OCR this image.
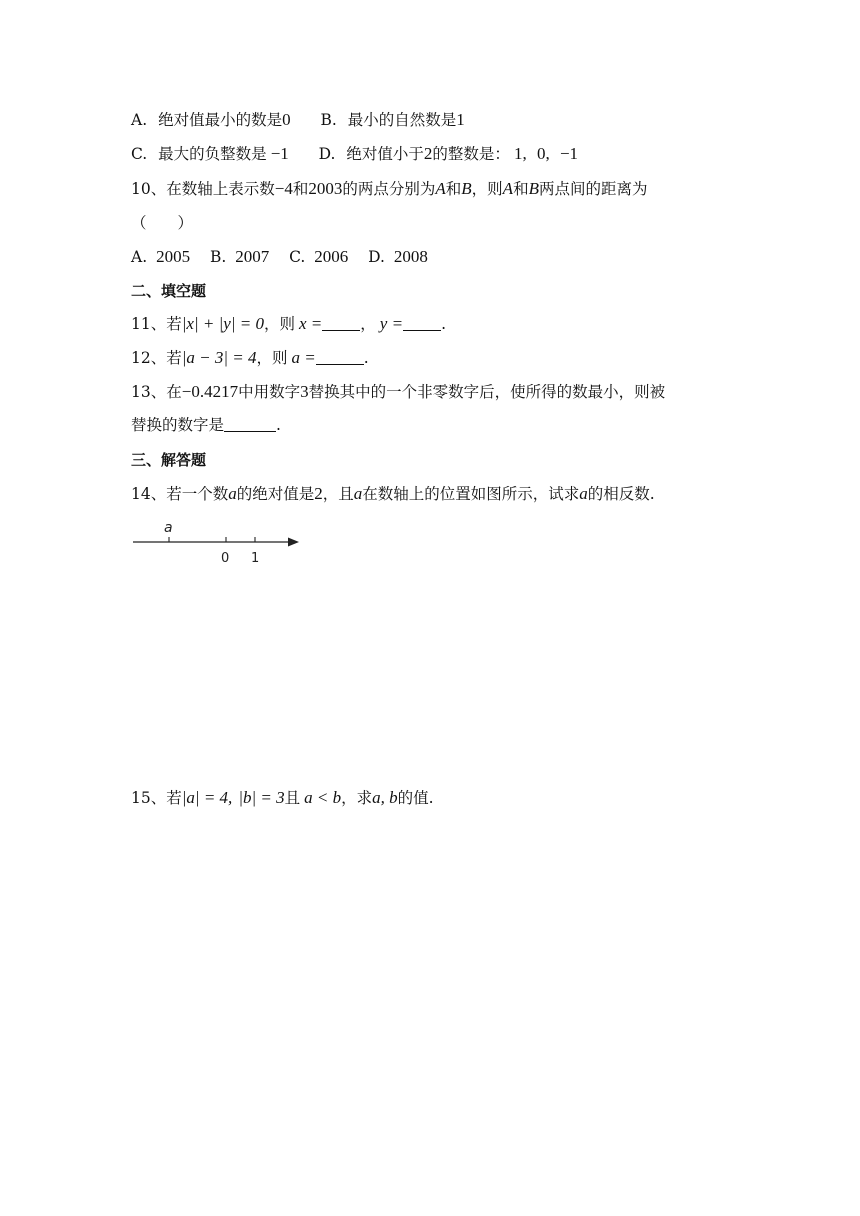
A. 绝对值最小的数是0 B. 最小的自然数是1
C. 最大的负整数是 −1 D. 绝对值小于2的整数是： 1, 0, −1
10、在数轴上表示数−4和2003的两点分别为A和B，则A和B两点间的距离为
（　　）
A. 2005 B. 2007 C. 2006 D. 2008
二、填空题
11、若|x| + |y| = 0，则 x = ， y = .
12、若|a − 3| = 4，则 a =	.
13、在−0.4217中用数字3替换其中的一个非零数字后，使所得的数最小，则被
替换的数字是	.
三、解答题
14、若一个数a的绝对值是2，且a在数轴上的位置如图所示，试求a的相反数.
a
0 1
15、若|a| = 4, |b| = 3且 a < b，求a, b的值.
